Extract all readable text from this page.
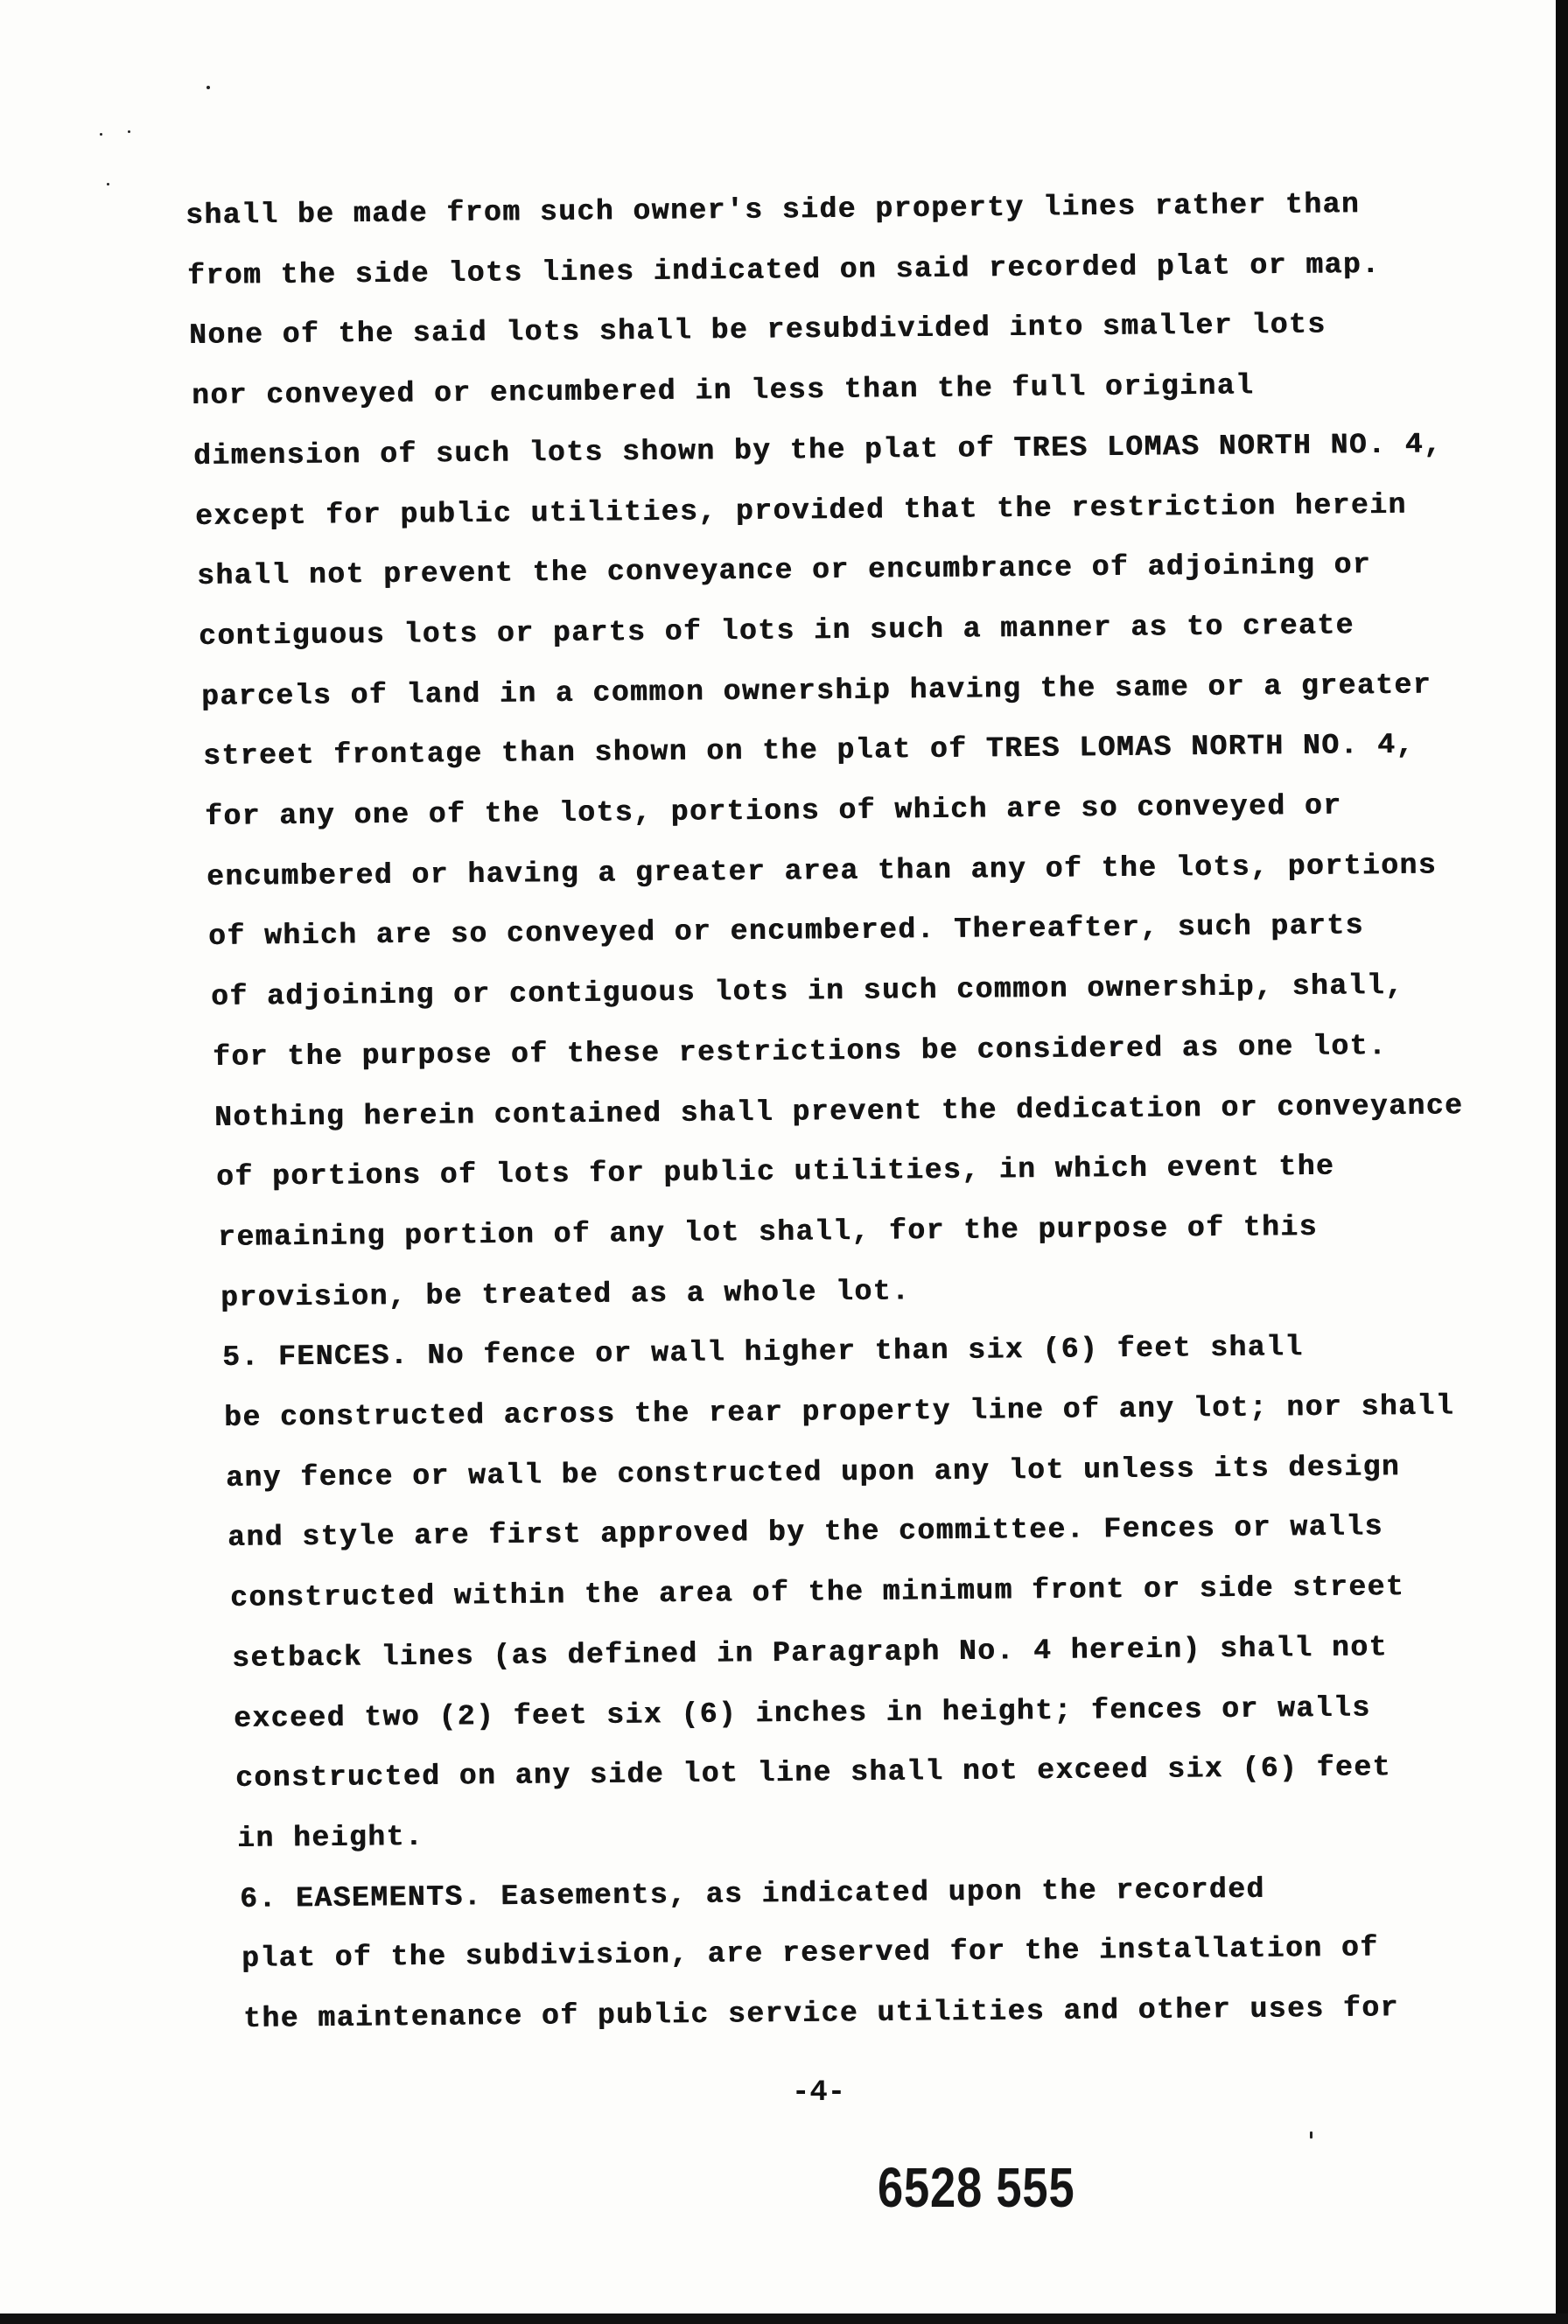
shall be made from such owner's side property lines rather than
from the side lots lines indicated on said recorded plat or map.
None of the said lots shall be resubdivided into smaller lots
nor conveyed or encumbered in less than the full original
dimension of such lots shown by the plat of TRES LOMAS NORTH NO. 4,
except for public utilities, provided that the restriction herein
shall not prevent the conveyance or encumbrance of adjoining or
contiguous lots or parts of lots in such a manner as to create
parcels of land in a common ownership having the same or a greater
street frontage than shown on the plat of TRES LOMAS NORTH NO. 4,
for any one of the lots, portions of which are so conveyed or
encumbered or having a greater area than any of the lots, portions
of which are so conveyed or encumbered. Thereafter, such parts
of adjoining or contiguous lots in such common ownership, shall,
for the purpose of these restrictions be considered as one lot.
Nothing herein contained shall prevent the dedication or conveyance
of portions of lots for public utilities, in which event the
remaining portion of any lot shall, for the purpose of this
provision, be treated as a whole lot.
5. FENCES. No fence or wall higher than six (6) feet shall
be constructed across the rear property line of any lot; nor shall
any fence or wall be constructed upon any lot unless its design
and style are first approved by the committee. Fences or walls
constructed within the area of the minimum front or side street
setback lines (as defined in Paragraph No. 4 herein) shall not
exceed two (2) feet six (6) inches in height; fences or walls
constructed on any side lot line shall not exceed six (6) feet
in height.
6. EASEMENTS. Easements, as indicated upon the recorded
plat of the subdivision, are reserved for the installation of
the maintenance of public service utilities and other uses for
-4-
6528 555
